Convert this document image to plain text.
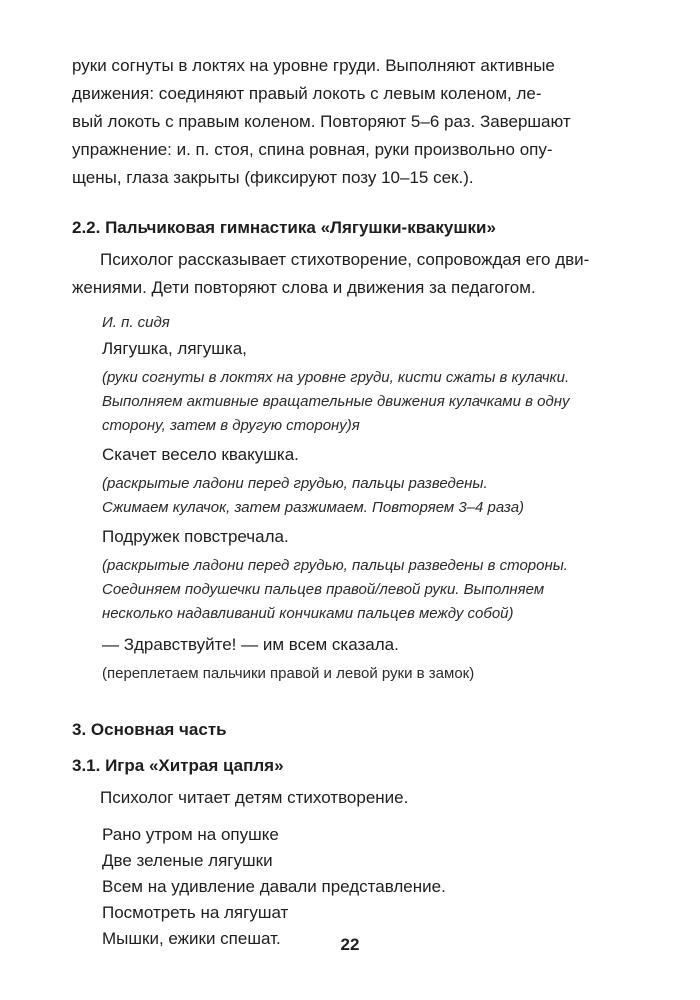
руки согнуты в локтях на уровне груди. Выполняют активные

движения: соединяют правый локоть с левым коленом, ле-

вый локоть с правым коленом. Повторяют 5–6 раз. Завершают

упражнение: и. п. стоя, спина ровная, руки произвольно опу-

щены, глаза закрыты (фиксируют позу 10–15 сек.).

2.2. Пальчиковая гимнастика «Лягушки-квакушки»

Психолог рассказывает стихотворение, сопровождая его дви-

жениями. Дети повторяют слова и движения за педагогом.

И. п. сидя
Лягушка, лягушка,
(руки согнуты в локтях на уровне груди, кисти сжаты в кулачки.
Выполняем активные вращательные движения кулачками в одну
сторону, затем в другую сторону)я
Скачет весело квакушка.
(раскрытые ладони перед грудью, пальцы разведены.
Сжимаем кулачок, затем разжимаем. Повторяем 3–4 раза)
Подружек повстречала.
(раскрытые ладони перед грудью, пальцы разведены в стороны.
Соединяем подушечки пальцев правой/левой руки. Выполняем
несколько надавливаний кончиками пальцев между собой)
— Здравствуйте! — им всем сказала.
(переплетаем пальчики правой и левой руки в замок)
3. Основная часть
3.1. Игра «Хитрая цапля»

Психолог читает детям стихотворение.

Рано утром на опушке
Две зеленые лягушки
Всем на удивление давали представление.
Посмотреть на лягушат
Мышки, ежики спешат.	22
